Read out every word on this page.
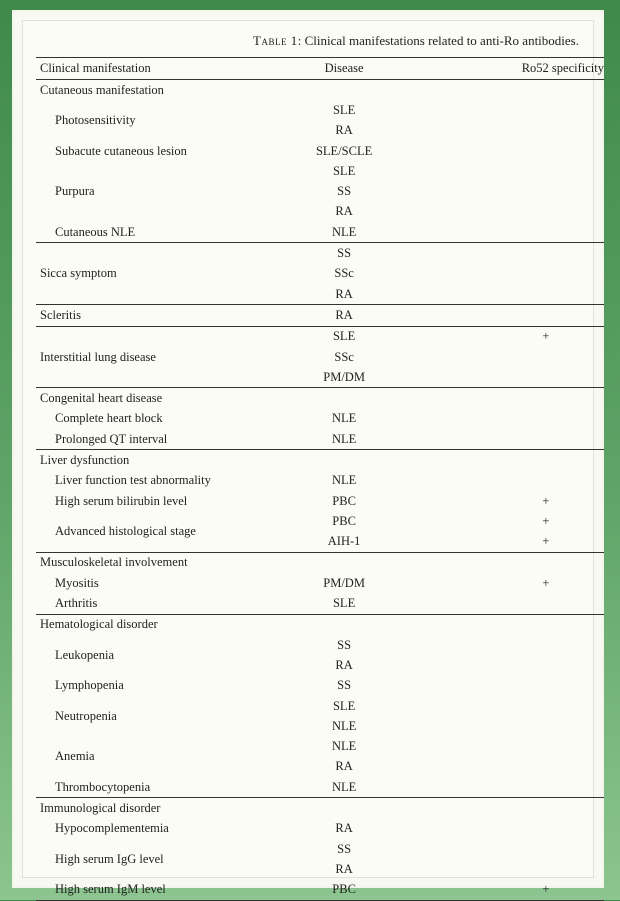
Table 1: Clinical manifestations related to anti-Ro antibodies.
Clinical manifestation	Disease	Ro52 specificity
Cutaneous manifestation		
Photosensitivity	SLE	
	RA	
Subacute cutaneous lesion	SLE/SCLE	
Purpura	SLE	
	SS	
	RA	
Cutaneous NLE	NLE	
Sicca symptom	SS	
	SSc	
	RA	
Scleritis	RA	
Interstitial lung disease	SLE	+
	SSc	
	PM/DM	
Congenital heart disease		
Complete heart block	NLE	
Prolonged QT interval	NLE	
Liver dysfunction		
Liver function test abnormality	NLE	
High serum bilirubin level	PBC	+
Advanced histological stage	PBC	+
	AIH-1	+
Musculoskeletal involvement		
Myositis	PM/DM	+
Arthritis	SLE	
Hematological disorder		
Leukopenia	SS	
	RA	
Lymphopenia	SS	
Neutropenia	SLE	
	NLE	
Anemia	NLE	
	RA	
Thrombocytopenia	NLE	
Immunological disorder		
Hypocomplementemia	RA	
High serum IgG level	SS	
	RA	
High serum IgM level	PBC	+
